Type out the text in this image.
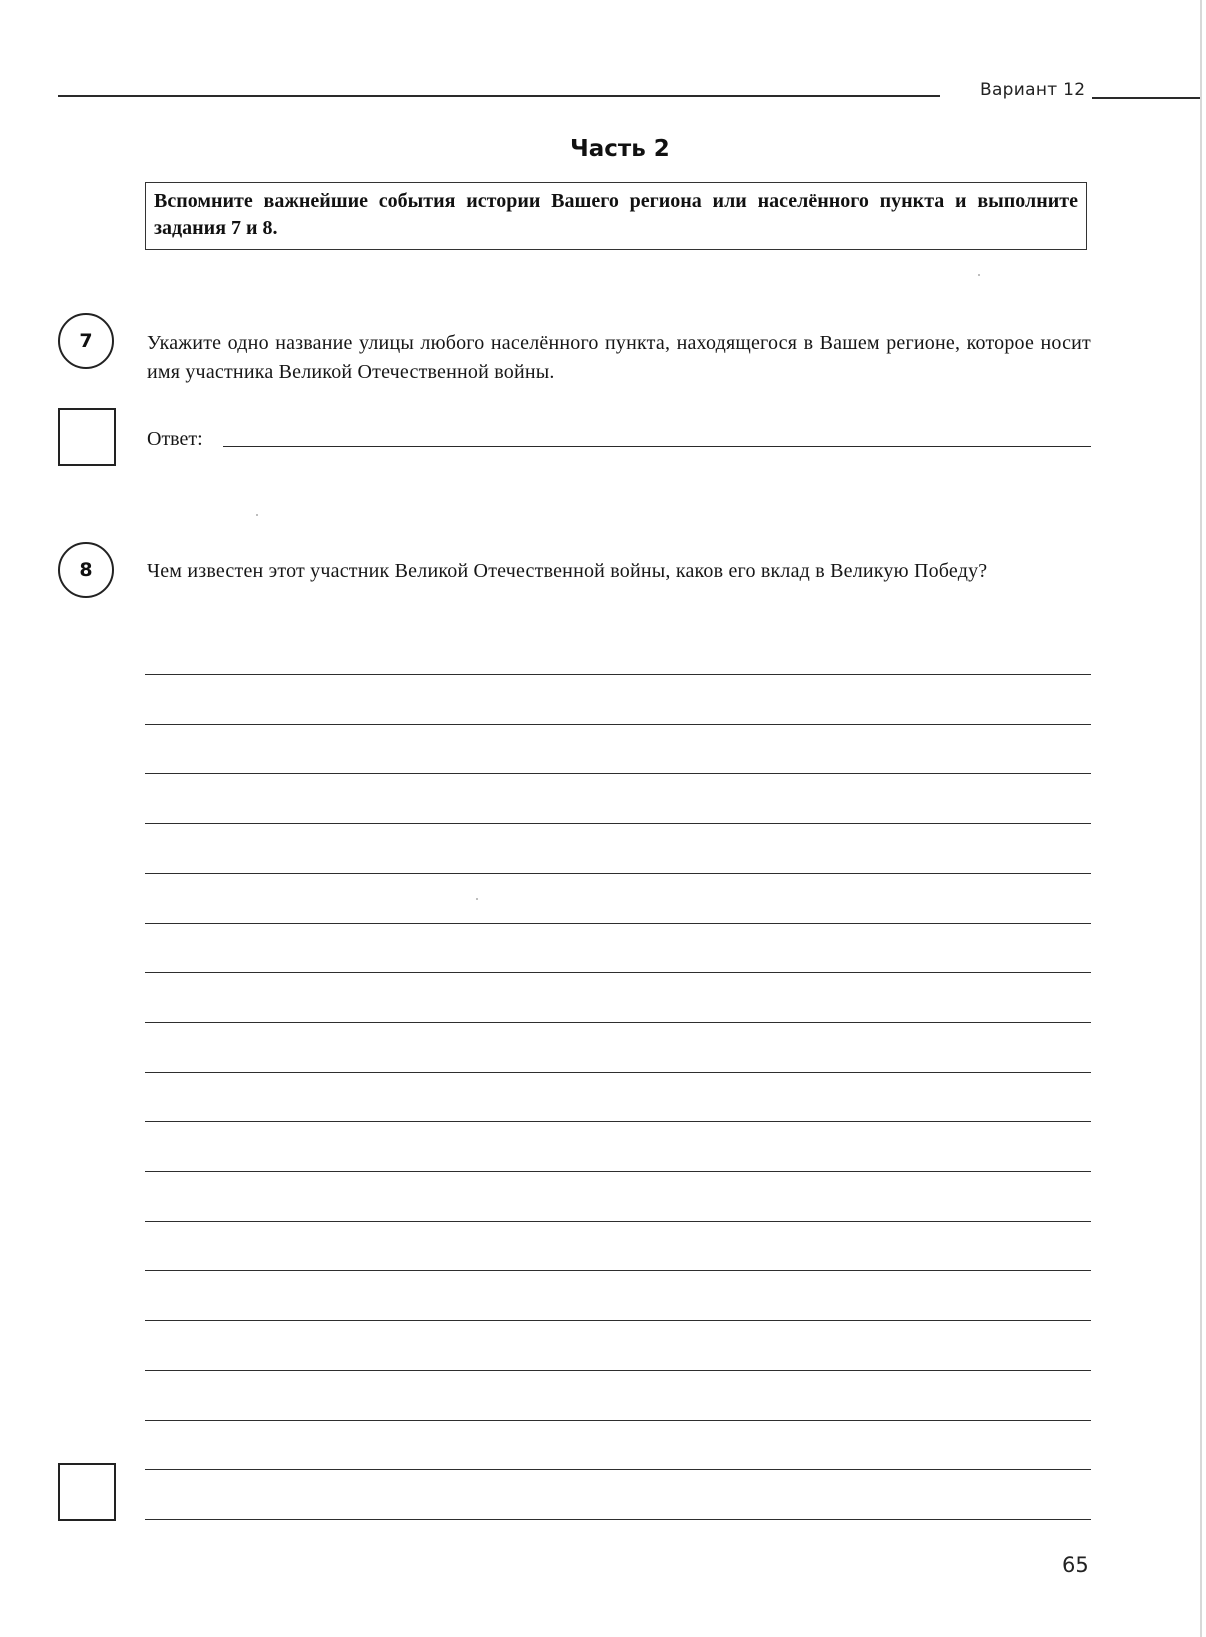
Вариант 12
Часть 2
Вспомните важнейшие события истории Вашего региона или населённого пункта и выполните задания 7 и 8.
7	Укажите одно название улицы любого населённого пункта, находящегося в Вашем регионе, которое носит имя участника Великой Отечественной войны.
Ответ:
8	Чем известен этот участник Великой Отечественной войны, каков его вклад в Великую Победу?
65
